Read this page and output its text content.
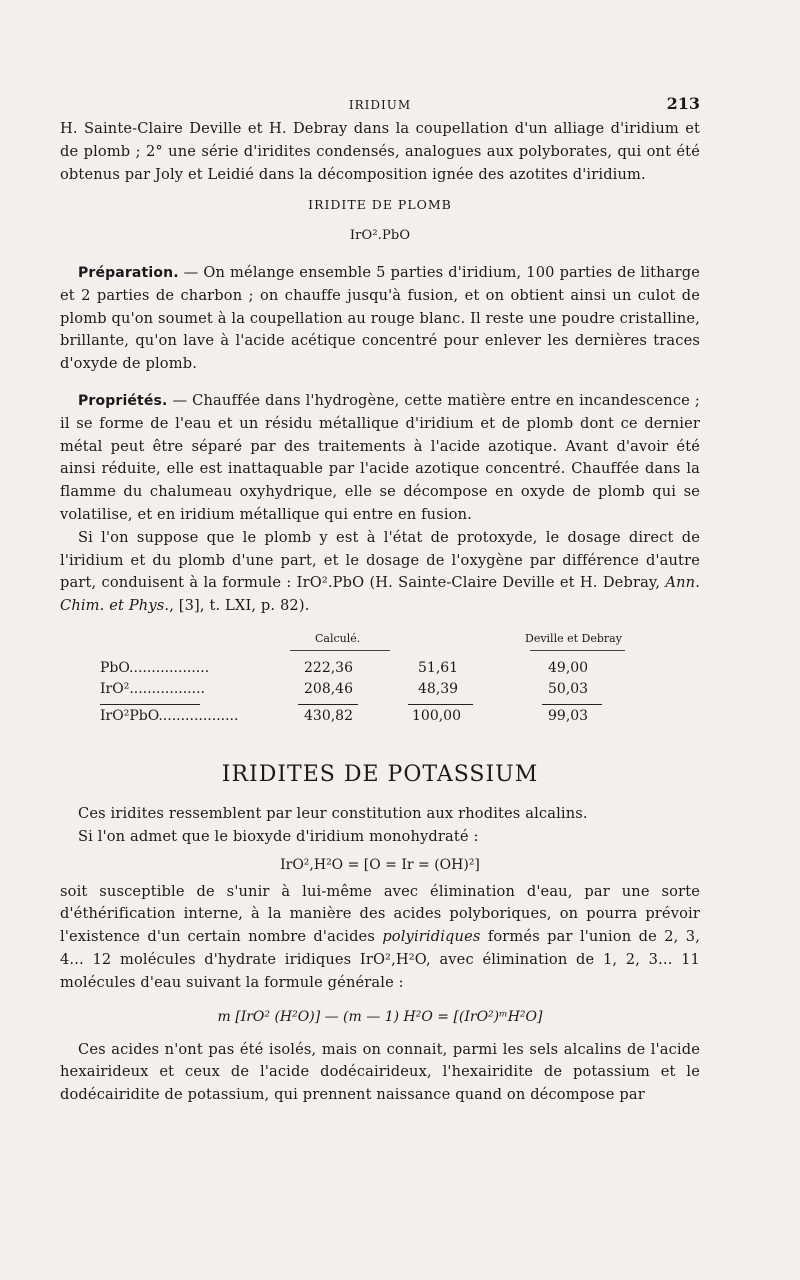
IRIDIUM	213

H. Sainte-Claire Deville et H. Debray dans la coupellation d'un alliage d'iridium et de plomb ; 2° une série d'iridites condensés, analogues aux polyborates, qui ont été obtenus par Joly et Leidié dans la décomposition ignée des azotites d'iridium.

IRIDITE DE PLOMB

IrO².PbO

Préparation. — On mélange ensemble 5 parties d'iridium, 100 parties de litharge et 2 parties de charbon ; on chauffe jusqu'à fusion, et on obtient ainsi un culot de plomb qu'on soumet à la coupellation au rouge blanc. Il reste une poudre cristalline, brillante, qu'on lave à l'acide acétique concentré pour enlever les dernières traces d'oxyde de plomb.

Propriétés. — Chauffée dans l'hydrogène, cette matière entre en incandescence ; il se forme de l'eau et un résidu métallique d'iridium et de plomb dont ce dernier métal peut être séparé par des traitements à l'acide azotique. Avant d'avoir été ainsi réduite, elle est inattaquable par l'acide azotique concentré. Chauffée dans la flamme du chalumeau oxyhydrique, elle se décompose en oxyde de plomb qui se volatilise, et en iridium métallique qui entre en fusion.

Si l'on suppose que le plomb y est à l'état de protoxyde, le dosage direct de l'iridium et du plomb d'une part, et le dosage de l'oxygène par différence d'autre part, conduisent à la formule : IrO².PbO (H. Sainte-Claire Deville et H. Debray, Ann. Chim. et Phys., [3], t. LXI, p. 82).

Calculé.	Deville et Debray
PbO..................	222,36	51,61	49,00
IrO².................	208,46	48,39	50,03
IrO²PbO..................	430,82	100,00	99,03
IRIDITES DE POTASSIUM

Ces iridites ressemblent par leur constitution aux rhodites alcalins.

Si l'on admet que le bioxyde d'iridium monohydraté :

IrO²,H²O = [O = Ir = (OH)²]

soit susceptible de s'unir à lui-même avec élimination d'eau, par une sorte d'éthérification interne, à la manière des acides polyboriques, on pourra prévoir l'existence d'un certain nombre d'acides polyiridiques formés par l'union de 2, 3, 4... 12 molécules d'hydrate iridiques IrO²,H²O, avec élimination de 1, 2, 3... 11 molécules d'eau suivant la formule générale :

m [IrO² (H²O)] — (m — 1) H²O = [(IrO²)ᵐH²O]

Ces acides n'ont pas été isolés, mais on connait, parmi les sels alcalins de l'acide hexairideux et ceux de l'acide dodécairideux, l'hexairidite de potassium et le dodécairidite de potassium, qui prennent naissance quand on décompose par
